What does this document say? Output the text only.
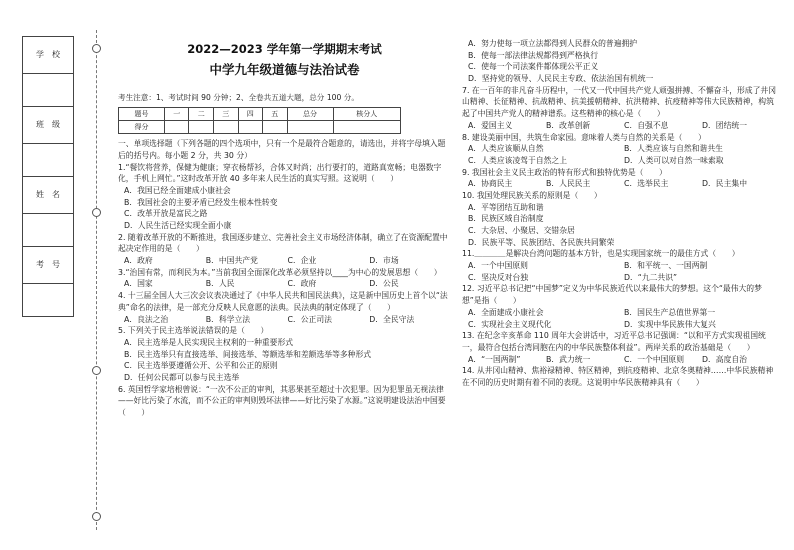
学　校

班　级

姓　名

考　号

2022—2023 学年第一学期期末考试
中学九年级道德与法治试卷
考生注意：1、考试时间 90 分钟；2、全卷共五道大题，总分 100 分。
题号	一	二	三	四	五	总分	核分人
得分							
一、单项选择题（下列各题的四个选项中，只有一个是最符合题意的，请选出，并将字母填入题后的括号内。每小题 2 分，共 30 分）
1.“餐饮将营养，保健为健康；穿衣杨帮衫，合体又时尚；出行要打的，道路真宽畅；电器数字化，手机上网忙。”这时改革开放 40 多年来人民生活的真实写照。这说明（　　）
A．我国已经全面建成小康社会
B．我国社会的主要矛盾已经发生根本性转变
C．改革开放是富民之路
D．人民生活已经实现全面小康
2. 随着改革开放的不断推进，我国逐步建立、完善社会主义市场经济体制，确立了在资源配置中起决定作用的是（　　）
A．政府	B．中国共产党	C．企业	D．市场
3.“治国有常，而利民为本。”当前我国全面深化改革必须坚持以____为中心的发展思想（　　）
A．国家	B．人民	C．政府	D．公民
4. 十三届全国人大三次会议表决通过了《中华人民共和国民法典》，这是新中国历史上首个以“法典”命名的法律，是一部充分反映人民意愿的法典。民法典的制定体现了（　　）
A．良法之治	B．科学立法	C．公正司法	D．全民守法
5. 下列关于民主选举说法错误的是（　　）
A．民主选举是人民实现民主权利的一种重要形式
B．民主选举只有直接选举、间接选举、等额选举和差额选举等多种形式
C．民主选举要遵循公开、公平和公正的原则
D．任何公民都可以参与民主选举
6. 英国哲学家培根曾说：“一次不公正的审判，其恶果甚至超过十次犯罪。因为犯罪虽无视法律——好比污染了水流，而不公正的审判则毁坏法律——好比污染了水源。”这说明建设法治中国要（　　）
A．努力使每一项立法都得到人民群众的普遍拥护
B．使每一部法律法规都得到严格执行
C．使每一个司法案件都体现公平正义
D．坚持党的领导、人民民主专政、依法治国有机统一
7. 在一百年的非凡奋斗历程中，一代又一代中国共产党人顽强拼搏、不懈奋斗，形成了井冈山精神、长征精神、抗战精神、抗美援朝精神、抗洪精神、抗疫精神等伟大民族精神，构筑起了中国共产党人的精神谱系。这些精神的核心是（　　）
A．爱国主义	B．改革创新	C．自强不息	D．团结统一
8. 建设美丽中国，共筑生命家园。意味着人类与自然的关系是（　　）
A．人类应该顺从自然	B．人类应该与自然和谐共生
C．人类应该凌驾于自然之上	D．人类可以对自然一味索取
9. 我国社会主义民主政治的特有形式和独特优势是（　　）
A．协商民主	B．人民民主	C．选举民主	D．民主集中
10. 我国处理民族关系的原则是（　　）
A．平等团结互助和谐
B．民族区域自治制度
C．大杂居、小聚居、交错杂居
D．民族平等、民族团结、各民族共同繁荣
11.＿＿＿＿是解决台湾问题的基本方针，也是实现国家统一的最佳方式（　　）
A．一个中国原则	B．和平统一、一国两制
C．坚决反对台独	D．“九二共识”
12. 习近平总书记把“中国梦”定义为中华民族近代以来最伟大的梦想。这个“最伟大的梦想”是指（　　）
A．全面建成小康社会	B．国民生产总值世界第一
C．实现社会主义现代化	D．实现中华民族伟大复兴
13. 在纪念辛亥革命 110 周年大会讲话中，习近平总书记强调：“以和平方式实现祖国统一，最符合包括台湾同胞在内的中华民族整体利益”。两岸关系的政治基础是（　　）
A．“一国两制”	B．武力统一	C．一个中国原则	D．高度自治
14. 从井冈山精神、焦裕禄精神、特区精神，到抗疫精神、北京冬奥精神……中华民族精神在不同的历史时期有着不同的表现。这说明中华民族精神具有（　　）
